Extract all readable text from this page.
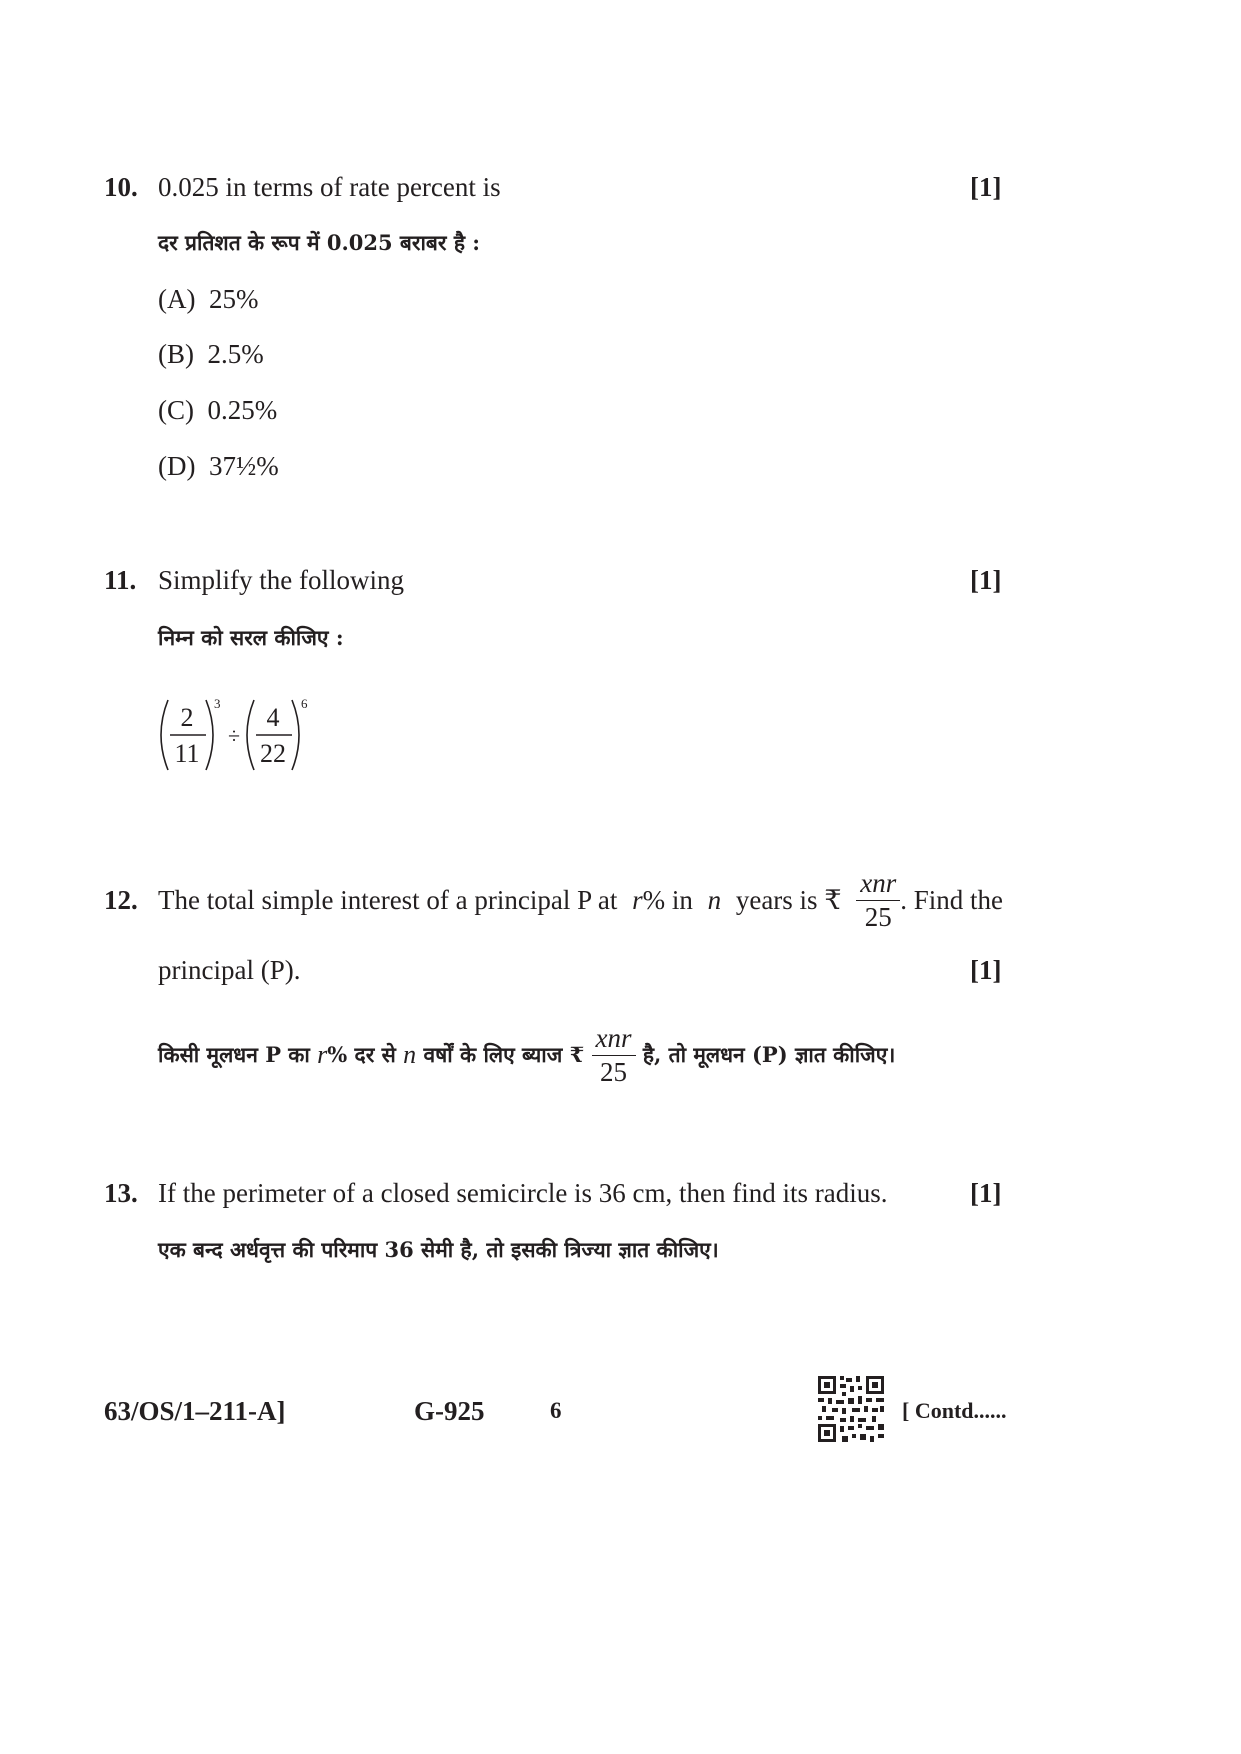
10. 0.025 in terms of rate percent is	[1]
दर प्रतिशत के रूप में 0.025 बराबर है :
(A) 25%
(B) 2.5%
(C) 0.25%
(D) 37½%
11. Simplify the following	[1]
निम्न को सरल कीजिए :
2
11
3
÷
4
22
6
12. The total simple interest of a principal P at r% in n years is ₹ $\frac{\text{xnr}}{25}$ . Find the
principal (P).	[1]
किसी मूलधन P का
r % दर से
n
वर्षों के लिए ब्याज ₹
$\frac{\text{xnr}}{25}$
है, तो मूलधन (P) ज्ञात कीजिए।
13. If the perimeter of a closed semicircle is 36 cm, then find its radius.	[1]
एक बन्द अर्धवृत्त की परिमाप 36 सेमी है, तो इसकी त्रिज्या ज्ञात कीजिए।
63/OS/1–211-A]	G-925	6	[ Contd......
